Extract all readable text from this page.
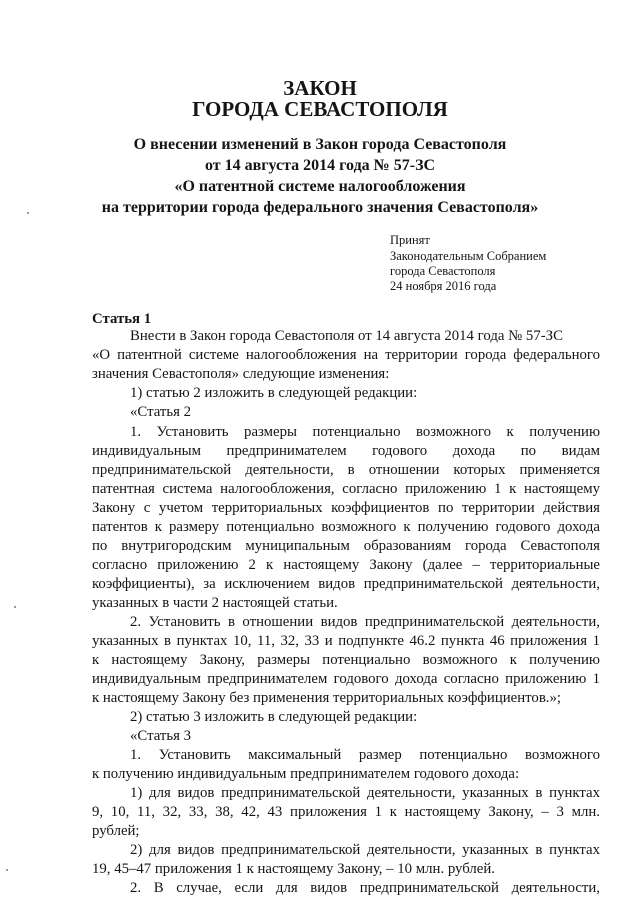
ЗАКОН
ГОРОДА СЕВАСТОПОЛЯ

О внесении изменений в Закон города Севастополя

от 14 августа 2014 года № 57-ЗС

«О патентной системе налогообложения

на территории города федерального значения Севастополя»

Принят

Законодательным Собранием

города Севастополя

24 ноября 2016 года

Статья 1

Внести в Закон города Севастополя от 14 августа 2014 года № 57-ЗС

«О патентной системе налогообложения на территории города федерального

значения Севастополя» следующие изменения:

1) статью 2 изложить в следующей редакции:

«Статья 2

1. Установить размеры потенциально возможного к получению

индивидуальным предпринимателем годового дохода по видам

предпринимательской деятельности, в отношении которых применяется

патентная система налогообложения, согласно приложению 1 к настоящему

Закону с учетом территориальных коэффициентов по территории действия

патентов к размеру потенциально возможного к получению годового дохода

по внутригородским муниципальным образованиям города Севастополя

согласно приложению 2 к настоящему Закону (далее – территориальные

коэффициенты), за исключением видов предпринимательской деятельности,

указанных в части 2 настоящей статьи.

2. Установить в отношении видов предпринимательской деятельности,

указанных в пунктах 10, 11, 32, 33 и подпункте 46.2 пункта 46 приложения 1

к настоящему Закону, размеры потенциально возможного к получению

индивидуальным предпринимателем годового дохода согласно приложению 1

к настоящему Закону без применения территориальных коэффициентов.»;

2) статью 3 изложить в следующей редакции:

«Статья 3

1. Установить максимальный размер потенциально возможного

к получению индивидуальным предпринимателем годового дохода:

1) для видов предпринимательской деятельности, указанных в пунктах

9, 10, 11, 32, 33, 38, 42, 43 приложения 1 к настоящему Закону, – 3 млн.

рублей;

2) для видов предпринимательской деятельности, указанных в пунктах

19, 45–47 приложения 1 к настоящему Закону, – 10 млн. рублей.

2. В случае, если для видов предпринимательской деятельности,
